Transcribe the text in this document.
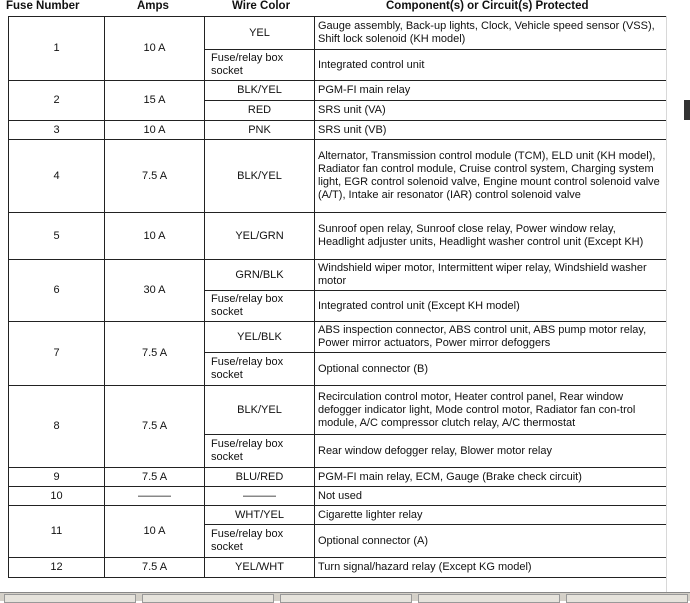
Fuse Number	Amps	Wire Color	Component(s) or Circuit(s) Protected
1	10 A	YEL	Gauge assembly, Back-up lights, Clock, Vehicle speed sensor (VSS), Shift lock solenoid (KH model)
		Fuse/relay box socket	Integrated control unit
2	15 A	BLK/YEL	PGM-FI main relay
		RED	SRS unit (VA)
3	10 A	PNK	SRS unit (VB)
4	7.5 A	BLK/YEL	Alternator, Transmission control module (TCM), ELD unit (KH model), Radiator fan control module, Cruise control system, Charging system light, EGR control solenoid valve, Engine mount control solenoid valve (A/T), Intake air resonator (IAR) control solenoid valve
5	10 A	YEL/GRN	Sunroof open relay, Sunroof close relay, Power window relay, Headlight adjuster units, Headlight washer control unit (Except KH)
6	30 A	GRN/BLK	Windshield wiper motor, Intermittent wiper relay, Windshield washer motor
		Fuse/relay box socket	Integrated control unit (Except KH model)
7	7.5 A	YEL/BLK	ABS inspection connector, ABS control unit, ABS pump motor relay, Power mirror actuators, Power mirror defoggers
		Fuse/relay box socket	Optional connector (B)
8	7.5 A	BLK/YEL	Recirculation control motor, Heater control panel, Rear window defogger indicator light, Mode control motor, Radiator fan con-trol module, A/C compressor clutch relay, A/C thermostat
		Fuse/relay box socket	Rear window defogger relay, Blower motor relay
9	7.5 A	BLU/RED	PGM-FI main relay, ECM, Gauge (Brake check circuit)
10	———	———	Not used
11	10 A	WHT/YEL	Cigarette lighter relay
		Fuse/relay box socket	Optional connector (A)
12	7.5 A	YEL/WHT	Turn signal/hazard relay (Except KG model)
